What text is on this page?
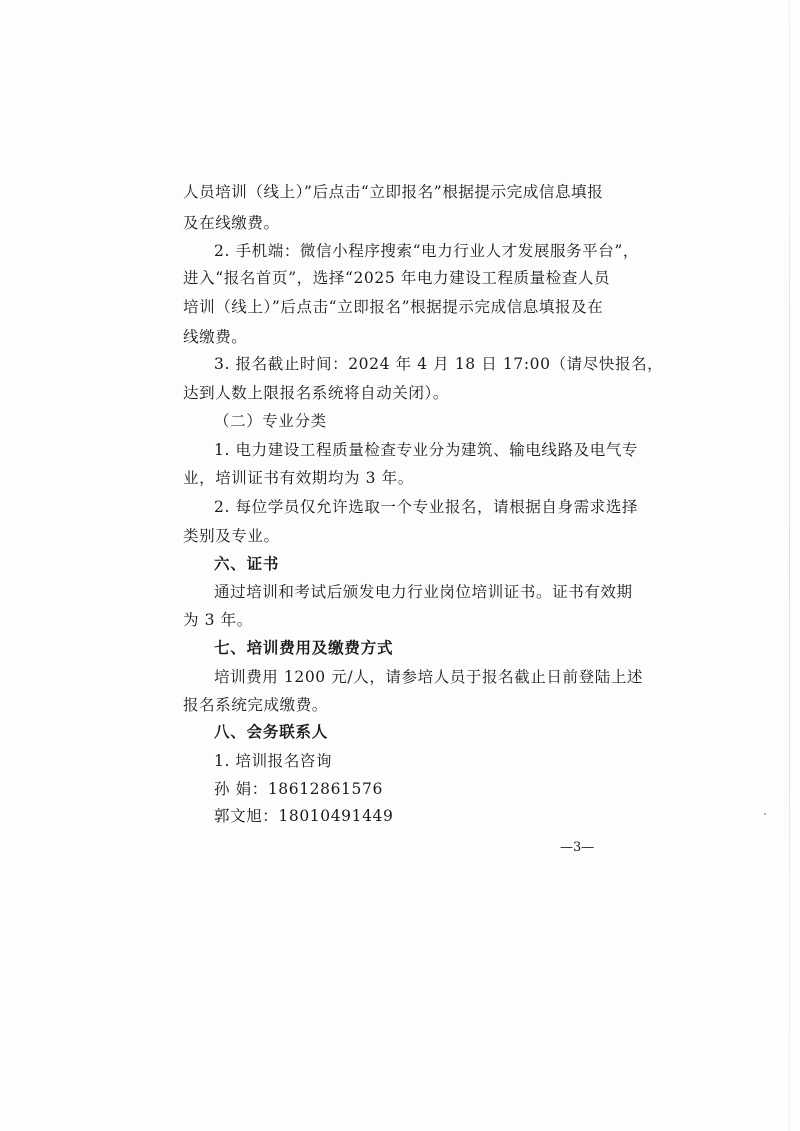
人员培训（线上）”后点击“立即报名”根据提示完成信息填报

及在线缴费。

2. 手机端：微信小程序搜索“电力行业人才发展服务平台”，

进入“报名首页”，选择“2025 年电力建设工程质量检查人员

培训（线上）”后点击“立即报名”根据提示完成信息填报及在

线缴费。

3. 报名截止时间：2024 年 4 月 18 日 17:00（请尽快报名，

达到人数上限报名系统将自动关闭）。

（二）专业分类

1. 电力建设工程质量检查专业分为建筑、输电线路及电气专

业，培训证书有效期均为 3 年。

2. 每位学员仅允许选取一个专业报名，请根据自身需求选择

类别及专业。

六、证书

通过培训和考试后颁发电力行业岗位培训证书。证书有效期

为 3 年。

七、培训费用及缴费方式

培训费用 1200 元/人，请参培人员于报名截止日前登陆上述

报名系统完成缴费。

八、会务联系人

1. 培训报名咨询

孙 娟：18612861576

郭文旭：18010491449

—3—
